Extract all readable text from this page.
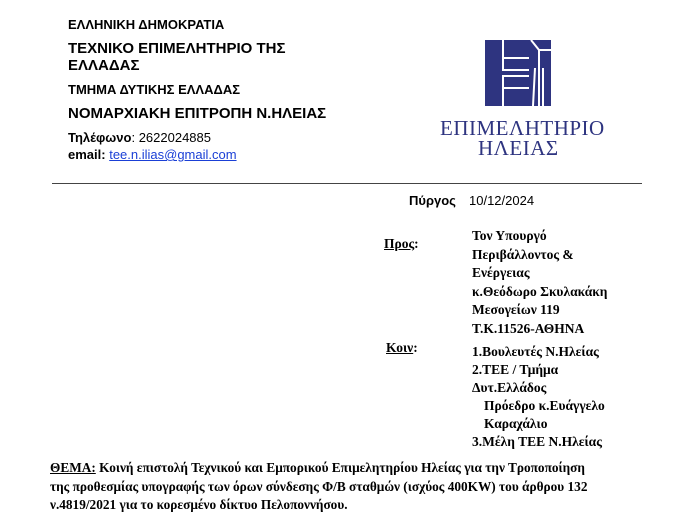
ΕΛΛΗΝΙΚΗ ΔΗΜΟΚΡΑΤΙΑ
ΤΕΧΝΙΚΟ ΕΠΙΜΕΛΗΤΗΡΙΟ ΤΗΣ
ΕΛΛΑΔΑΣ
ΤΜΗΜΑ ΔΥΤΙΚΗΣ ΕΛΛΑΔΑΣ
ΝΟΜΑΡΧΙΑΚΗ ΕΠΙΤΡΟΠΗ Ν.ΗΛΕΙΑΣ
Τηλέφωνο: 2622024885
email: tee.n.ilias@gmail.com
ΕΠΙΜΕΛΗΤΗΡΙΟ
ΗΛΕΙΑΣ
Πύργος 10/12/2024
Προς:
Τον Υπουργό
Περιβάλλοντος &
Ενέργειας
κ.Θεόδωρο Σκυλακάκη
Μεσογείων 119
Τ.Κ.11526-ΑΘΗΝΑ
Κοιν:	1.Βουλευτές Ν.Ηλείας
2.ΤΕΕ / Τμήμα
Δυτ.Ελλάδος
Πρόεδρο κ.Ευάγγελο
Καραχάλιο
3.Μέλη ΤΕΕ Ν.Ηλείας
ΘΕΜΑ: Κοινή επιστολή Τεχνικού και Εμπορικού Επιμελητηρίου Ηλείας για την Τροποποίηση
της προθεσμίας υπογραφής των όρων σύνδεσης Φ/Β σταθμών (ισχύος 400KW) του άρθρου 132
ν.4819/2021 για το κορεσμένο δίκτυο Πελοποννήσου.
